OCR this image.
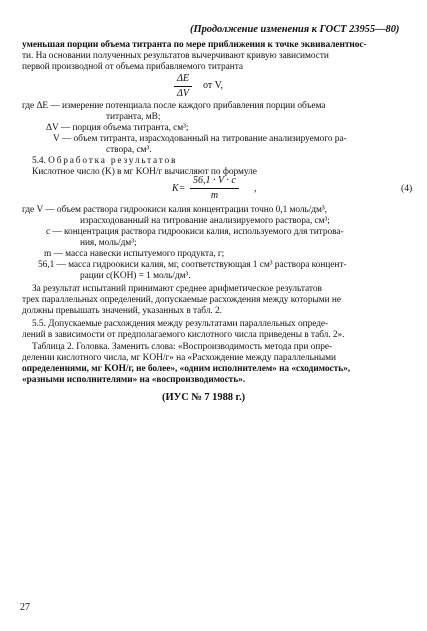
(Продолжение изменения к ГОСТ 23955—80)
уменьшая порции объема титранта по мере приближения к точке эквивалентнос-
ти. На основании полученных результатов вычерчивают кривую зависимости
первой производной от объема прибавляемого титранта
$\frac{\Delta E}{\Delta V}$ от V,
где ΔE — измерение потенциала после каждого прибавления порции объема
титранта, мВ;
ΔV — порция объема титранта, см³;
V — объем титранта, израсходованный на титрование анализируемого ра-
створа, см³.
5.4. Обработка результатов
Кислотное число (K) в мг KOH/г вычисляют по формуле
$K= \frac{56,1 \cdot V \cdot c}{m}$ ,	(4)
где V — объем раствора гидроокиси калия концентрации точно 0,1 моль/дм³,
израсходованный на титрование анализируемого раствора, см³;
c — концентрация раствора гидроокиси калия, используемого для титрова-
ния, моль/дм³;
m — масса навески испытуемого продукта, г;
56,1 — масса гидроокиси калия, мг, соответствующая 1 см³ раствора концент-
рации c(KOH) = 1 моль/дм³.
За результат испытаний принимают среднее арифметическое результатов
трех параллельных определений, допускаемые расхождения между которыми не
должны превышать значений, указанных в табл. 2.
5.5. Допускаемые расхождения между результатами параллельных опреде-
лений в зависимости от предполагаемого кислотного числа приведены в табл. 2».
Таблица 2. Головка. Заменить слова: «Воспроизводимость метода при опре-
делении кислотного числа, мг KOH/г» на «Расхождение между параллельными
определениями, мг KOH/г, не более», «одним исполнителем» на «сходимость»,
«разными исполнителями» на «воспроизводимость».
(ИУС № 7 1988 г.)
27
